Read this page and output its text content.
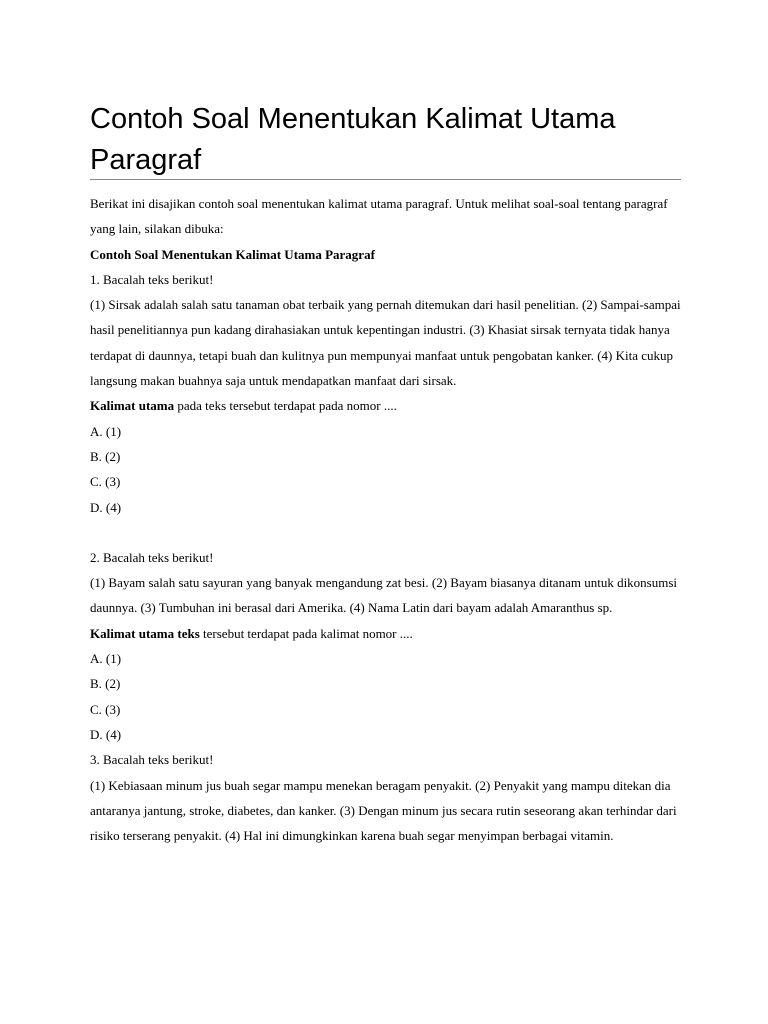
Contoh Soal Menentukan Kalimat Utama Paragraf

Berikat ini disajikan contoh soal menentukan kalimat utama paragraf. Untuk melihat soal-soal tentang paragraf yang lain, silakan dibuka:

Contoh Soal Menentukan Kalimat Utama Paragraf

1. Bacalah teks berikut!

(1) Sirsak adalah salah satu tanaman obat terbaik yang pernah ditemukan dari hasil penelitian. (2) Sampai-sampai hasil penelitiannya pun kadang dirahasiakan untuk kepentingan industri. (3) Khasiat sirsak ternyata tidak hanya terdapat di daunnya, tetapi buah dan kulitnya pun mempunyai manfaat untuk pengobatan kanker. (4) Kita cukup langsung makan buahnya saja untuk mendapatkan manfaat dari sirsak.

Kalimat utama pada teks tersebut terdapat pada nomor ....

A. (1)

B. (2)

C. (3)

D. (4)

2. Bacalah teks berikut!

(1) Bayam salah satu sayuran yang banyak mengandung zat besi. (2) Bayam biasanya ditanam untuk dikonsumsi daunnya. (3) Tumbuhan ini berasal dari Amerika. (4) Nama Latin dari bayam adalah Amaranthus sp.

Kalimat utama teks tersebut terdapat pada kalimat nomor ....

A. (1)

B. (2)

C. (3)

D. (4)

3. Bacalah teks berikut!

(1) Kebiasaan minum jus buah segar mampu menekan beragam penyakit. (2) Penyakit yang mampu ditekan dia antaranya jantung, stroke, diabetes, dan kanker. (3) Dengan minum jus secara rutin seseorang akan terhindar dari risiko terserang penyakit. (4) Hal ini dimungkinkan karena buah segar menyimpan berbagai vitamin.
